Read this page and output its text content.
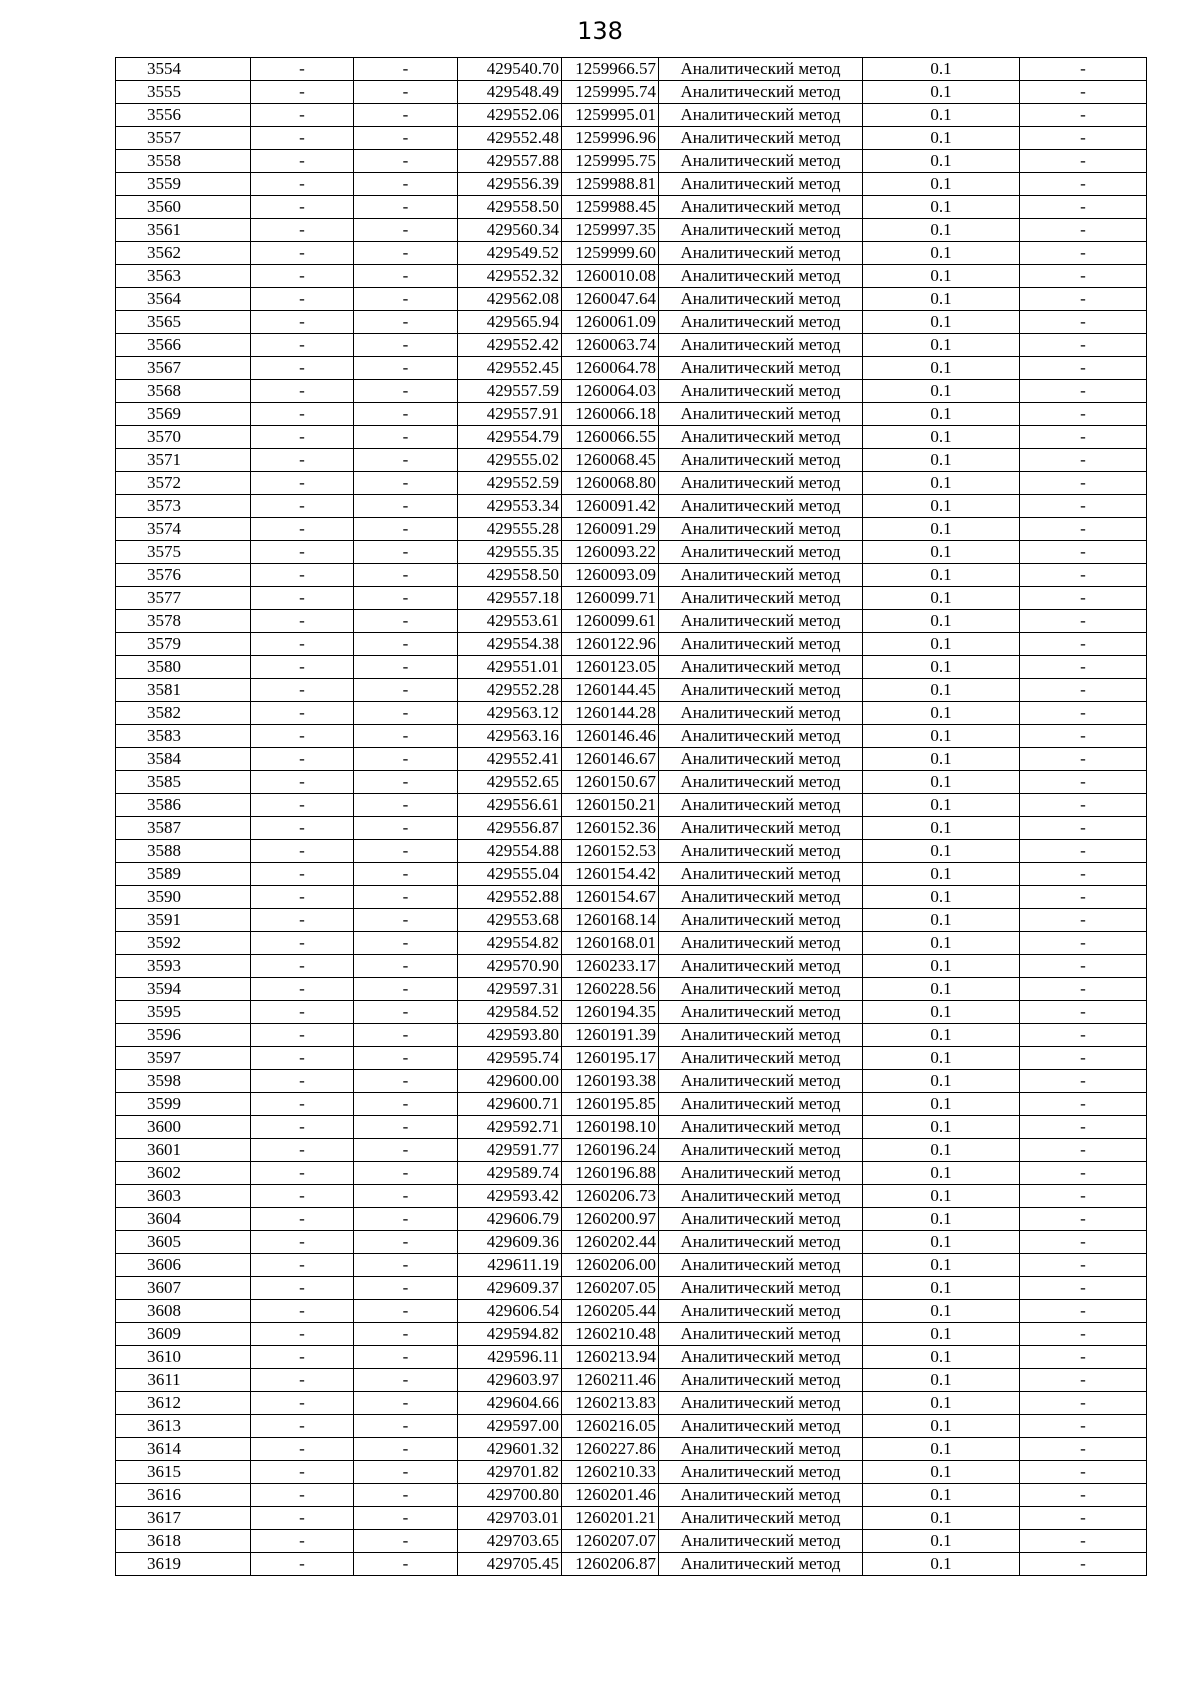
138
3554	-	-	429540.70	1259966.57	Аналитический метод	0.1	-
3555	-	-	429548.49	1259995.74	Аналитический метод	0.1	-
3556	-	-	429552.06	1259995.01	Аналитический метод	0.1	-
3557	-	-	429552.48	1259996.96	Аналитический метод	0.1	-
3558	-	-	429557.88	1259995.75	Аналитический метод	0.1	-
3559	-	-	429556.39	1259988.81	Аналитический метод	0.1	-
3560	-	-	429558.50	1259988.45	Аналитический метод	0.1	-
3561	-	-	429560.34	1259997.35	Аналитический метод	0.1	-
3562	-	-	429549.52	1259999.60	Аналитический метод	0.1	-
3563	-	-	429552.32	1260010.08	Аналитический метод	0.1	-
3564	-	-	429562.08	1260047.64	Аналитический метод	0.1	-
3565	-	-	429565.94	1260061.09	Аналитический метод	0.1	-
3566	-	-	429552.42	1260063.74	Аналитический метод	0.1	-
3567	-	-	429552.45	1260064.78	Аналитический метод	0.1	-
3568	-	-	429557.59	1260064.03	Аналитический метод	0.1	-
3569	-	-	429557.91	1260066.18	Аналитический метод	0.1	-
3570	-	-	429554.79	1260066.55	Аналитический метод	0.1	-
3571	-	-	429555.02	1260068.45	Аналитический метод	0.1	-
3572	-	-	429552.59	1260068.80	Аналитический метод	0.1	-
3573	-	-	429553.34	1260091.42	Аналитический метод	0.1	-
3574	-	-	429555.28	1260091.29	Аналитический метод	0.1	-
3575	-	-	429555.35	1260093.22	Аналитический метод	0.1	-
3576	-	-	429558.50	1260093.09	Аналитический метод	0.1	-
3577	-	-	429557.18	1260099.71	Аналитический метод	0.1	-
3578	-	-	429553.61	1260099.61	Аналитический метод	0.1	-
3579	-	-	429554.38	1260122.96	Аналитический метод	0.1	-
3580	-	-	429551.01	1260123.05	Аналитический метод	0.1	-
3581	-	-	429552.28	1260144.45	Аналитический метод	0.1	-
3582	-	-	429563.12	1260144.28	Аналитический метод	0.1	-
3583	-	-	429563.16	1260146.46	Аналитический метод	0.1	-
3584	-	-	429552.41	1260146.67	Аналитический метод	0.1	-
3585	-	-	429552.65	1260150.67	Аналитический метод	0.1	-
3586	-	-	429556.61	1260150.21	Аналитический метод	0.1	-
3587	-	-	429556.87	1260152.36	Аналитический метод	0.1	-
3588	-	-	429554.88	1260152.53	Аналитический метод	0.1	-
3589	-	-	429555.04	1260154.42	Аналитический метод	0.1	-
3590	-	-	429552.88	1260154.67	Аналитический метод	0.1	-
3591	-	-	429553.68	1260168.14	Аналитический метод	0.1	-
3592	-	-	429554.82	1260168.01	Аналитический метод	0.1	-
3593	-	-	429570.90	1260233.17	Аналитический метод	0.1	-
3594	-	-	429597.31	1260228.56	Аналитический метод	0.1	-
3595	-	-	429584.52	1260194.35	Аналитический метод	0.1	-
3596	-	-	429593.80	1260191.39	Аналитический метод	0.1	-
3597	-	-	429595.74	1260195.17	Аналитический метод	0.1	-
3598	-	-	429600.00	1260193.38	Аналитический метод	0.1	-
3599	-	-	429600.71	1260195.85	Аналитический метод	0.1	-
3600	-	-	429592.71	1260198.10	Аналитический метод	0.1	-
3601	-	-	429591.77	1260196.24	Аналитический метод	0.1	-
3602	-	-	429589.74	1260196.88	Аналитический метод	0.1	-
3603	-	-	429593.42	1260206.73	Аналитический метод	0.1	-
3604	-	-	429606.79	1260200.97	Аналитический метод	0.1	-
3605	-	-	429609.36	1260202.44	Аналитический метод	0.1	-
3606	-	-	429611.19	1260206.00	Аналитический метод	0.1	-
3607	-	-	429609.37	1260207.05	Аналитический метод	0.1	-
3608	-	-	429606.54	1260205.44	Аналитический метод	0.1	-
3609	-	-	429594.82	1260210.48	Аналитический метод	0.1	-
3610	-	-	429596.11	1260213.94	Аналитический метод	0.1	-
3611	-	-	429603.97	1260211.46	Аналитический метод	0.1	-
3612	-	-	429604.66	1260213.83	Аналитический метод	0.1	-
3613	-	-	429597.00	1260216.05	Аналитический метод	0.1	-
3614	-	-	429601.32	1260227.86	Аналитический метод	0.1	-
3615	-	-	429701.82	1260210.33	Аналитический метод	0.1	-
3616	-	-	429700.80	1260201.46	Аналитический метод	0.1	-
3617	-	-	429703.01	1260201.21	Аналитический метод	0.1	-
3618	-	-	429703.65	1260207.07	Аналитический метод	0.1	-
3619	-	-	429705.45	1260206.87	Аналитический метод	0.1	-
